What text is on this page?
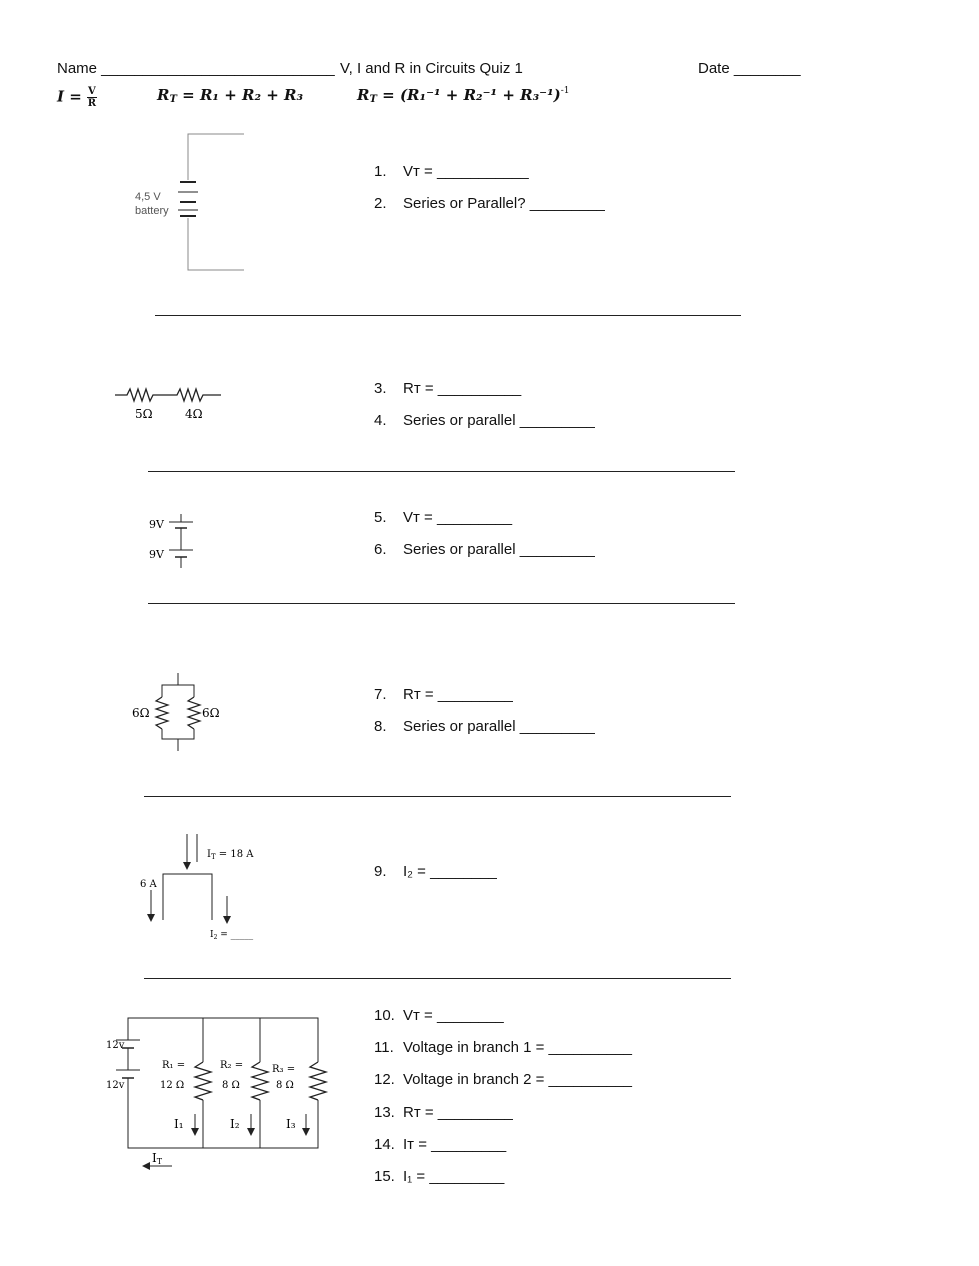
Name ____________________________ V, I and R in Circuits Quiz 1	Date ________
$I = \frac{V}{R}$	$R_T = R_1 + R_2 + R_3$	$R_T = (R_1^{-1} + R_2^{-1} + R_3^{-1})^{-1}$
4,5 V
battery
5Ω	4Ω
9V
9V
6Ω	6Ω
$I_T = 18$ A
6 A
$I_2$ = _____
12v
12v
R₁ =
12 Ω
R₂ =
8 Ω
R₃ =
8 Ω
I₁	I₂	I₃
IT
1. Vᴛ = ___________
2. Series or Parallel? _________
3. Rᴛ = __________
4. Series or parallel _________
5. Vᴛ = _________
6. Series or parallel _________
7. Rᴛ = _________
8. Series or parallel _________
9. I₂ = ________
10. Vᴛ = ________
11. Voltage in branch 1 = __________
12. Voltage in branch 2 = __________
13. Rᴛ = _________
14. Iᴛ = _________
15. I₁ = _________
